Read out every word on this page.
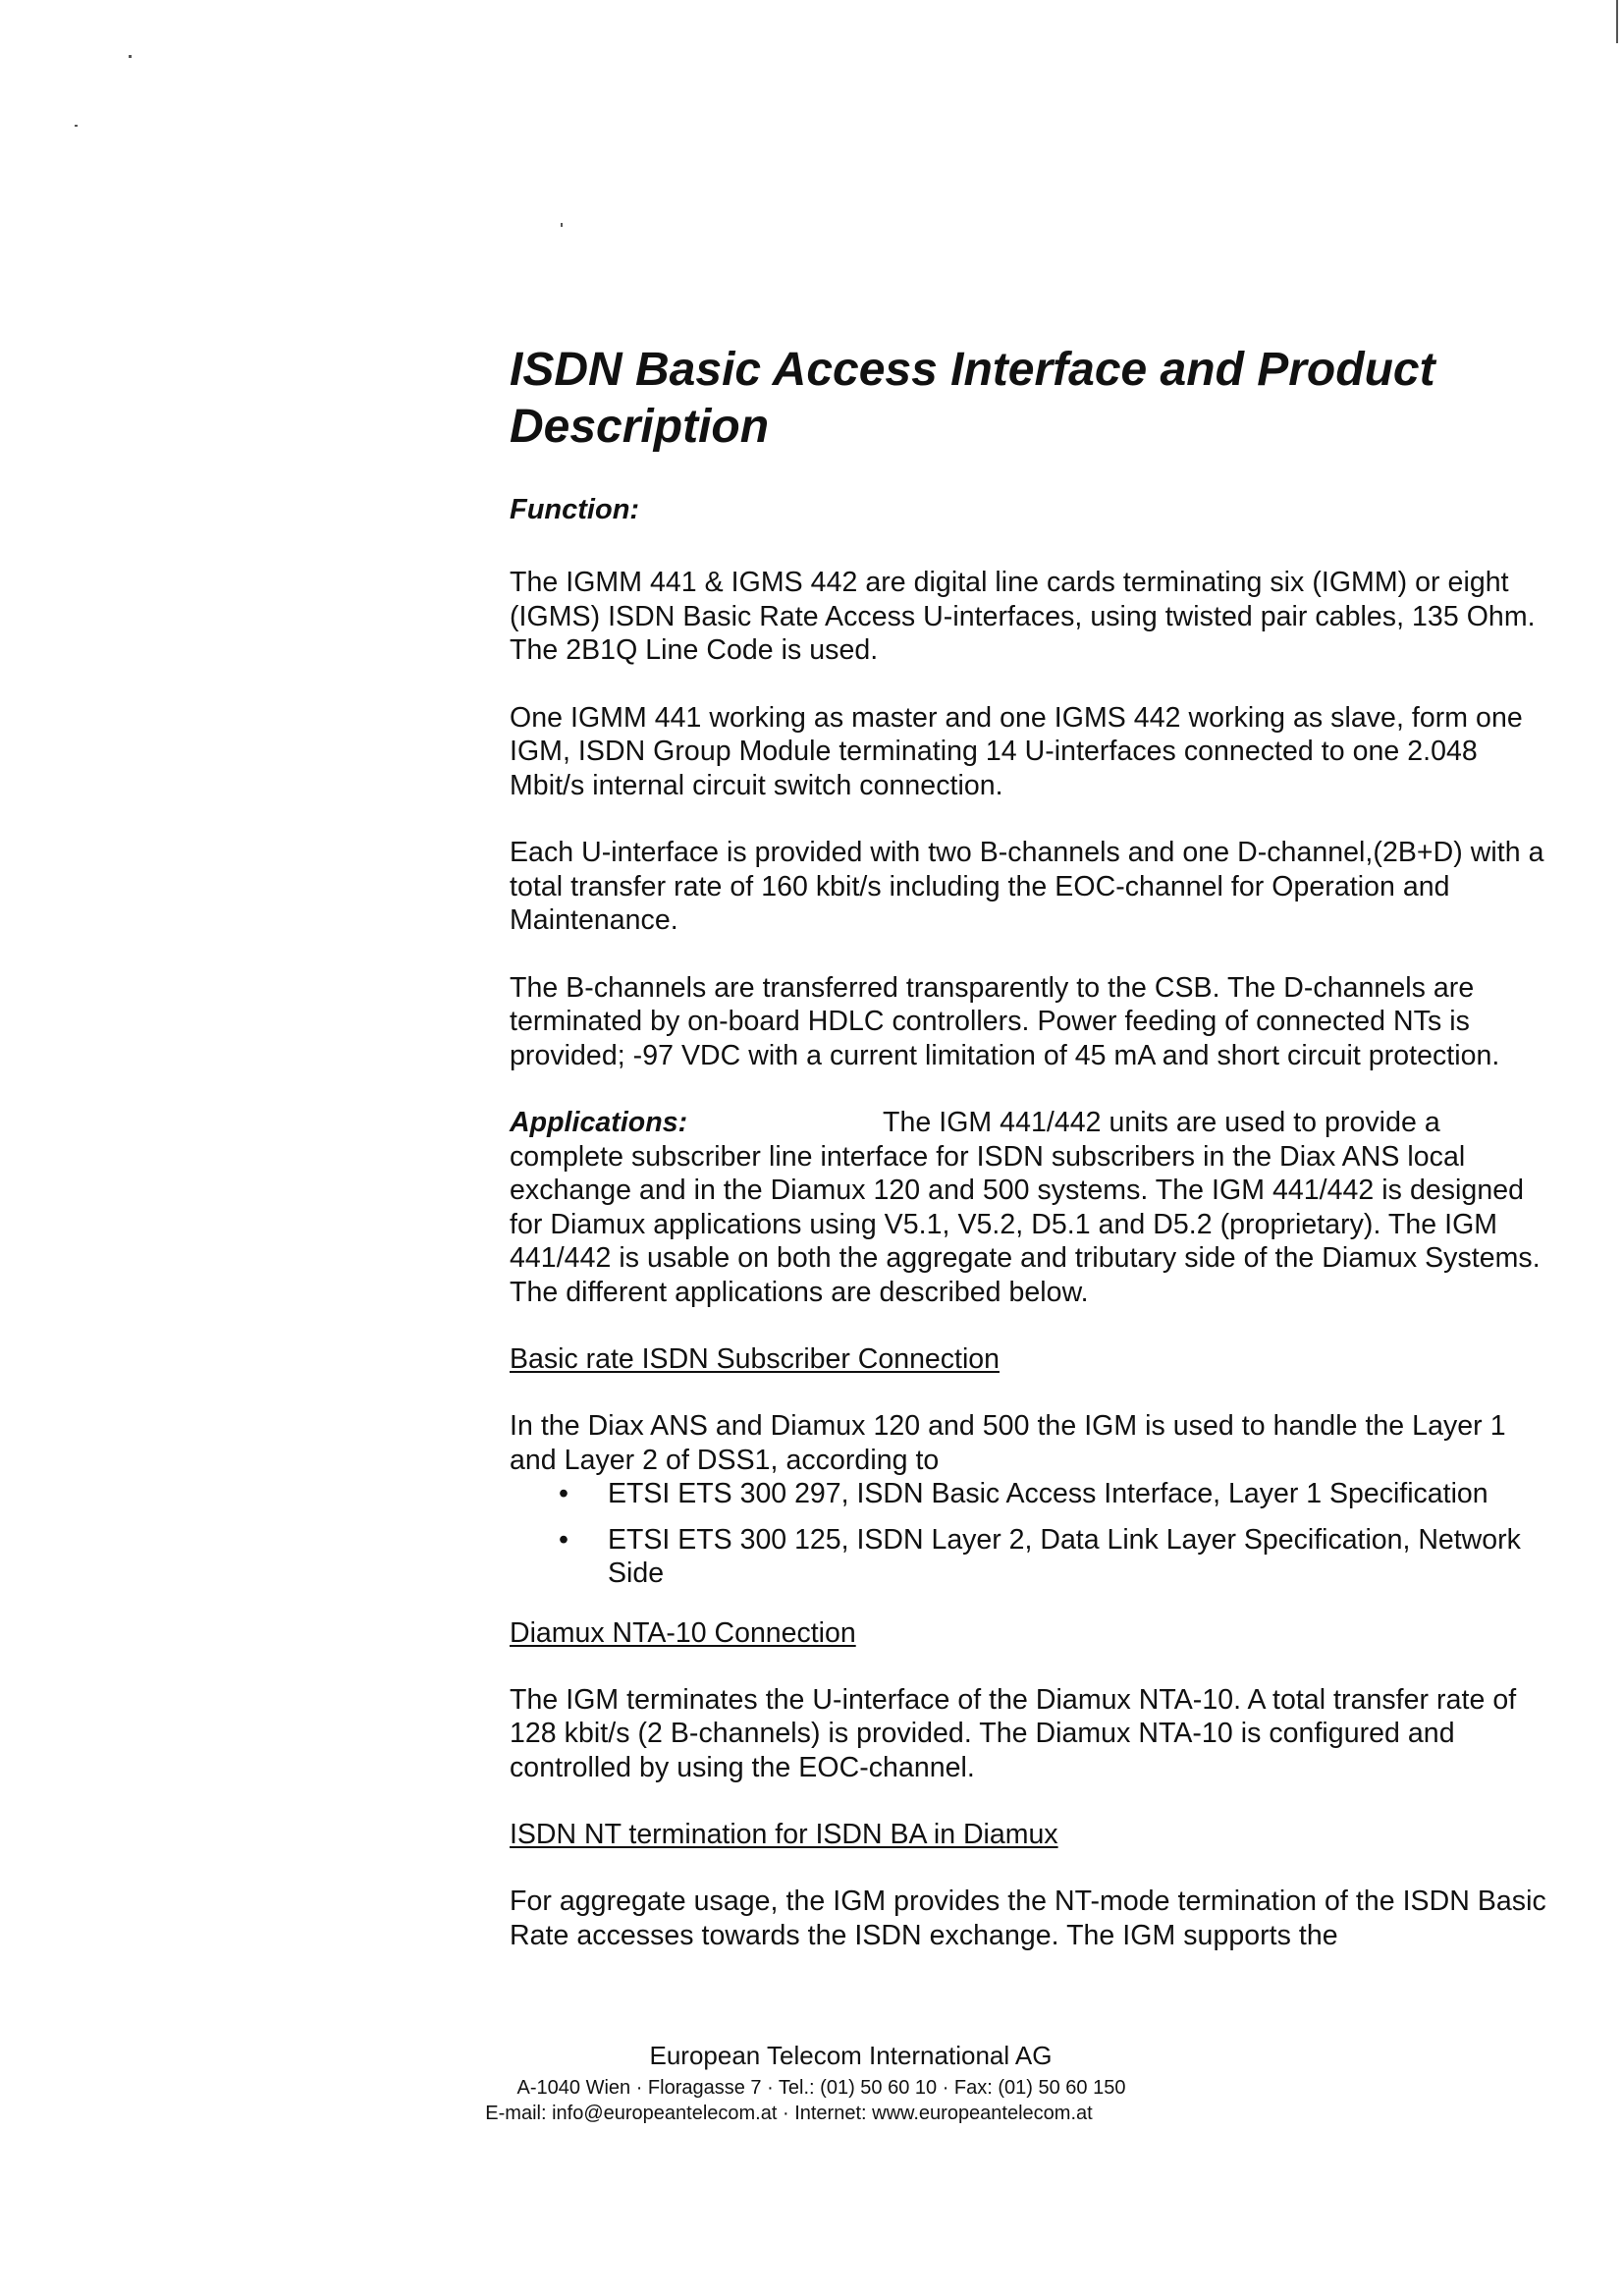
ISDN Basic Access Interface and Product Description
Function:

The IGMM 441 & IGMS 442 are digital line cards terminating six (IGMM) or eight (IGMS) ISDN Basic Rate Access U-interfaces, using twisted pair cables, 135 Ohm. The 2B1Q Line Code is used.

One IGMM 441 working as master and one IGMS 442 working as slave, form one IGM, ISDN Group Module terminating 14 U-interfaces connected to one 2.048 Mbit/s internal circuit switch connection.

Each U-interface is provided with two B-channels and one D-channel,(2B+D) with a total transfer rate of 160 kbit/s including the EOC-channel for Operation and Maintenance.

The B-channels are transferred transparently to the CSB. The D-channels are terminated by on-board HDLC controllers. Power feeding of connected NTs is provided; -97 VDC with a current limitation of 45 mA and short circuit protection.

Applications:	The IGM 441/442 units are used to provide a complete subscriber line interface for ISDN subscribers in the Diax ANS local exchange and in the Diamux 120 and 500 systems. The IGM 441/442 is designed for Diamux applications using V5.1, V5.2, D5.1 and D5.2 (proprietary). The IGM 441/442 is usable on both the aggregate and tributary side of the Diamux Systems. The different applications are described below.

Basic rate ISDN Subscriber Connection

In the Diax ANS and Diamux 120 and 500 the IGM is used to handle the Layer 1 and Layer 2 of DSS1, according to

• ETSI ETS 300 297, ISDN Basic Access Interface, Layer 1 Specification
• ETSI ETS 300 125, ISDN Layer 2, Data Link Layer Specification, Network Side
Diamux NTA-10 Connection

The IGM terminates the U-interface of the Diamux NTA-10. A total transfer rate of 128 kbit/s (2 B-channels) is provided. The Diamux NTA-10 is configured and controlled by using the EOC-channel.

ISDN NT termination for ISDN BA in Diamux

For aggregate usage, the IGM provides the NT-mode termination of the ISDN Basic Rate accesses towards the ISDN exchange. The IGM supports the

European Telecom International AG
A-1040 Wien · Floragasse 7 · Tel.: (01) 50 60 10 · Fax: (01) 50 60 150
E-mail: info@europeantelecom.at · Internet: www.europeantelecom.at
